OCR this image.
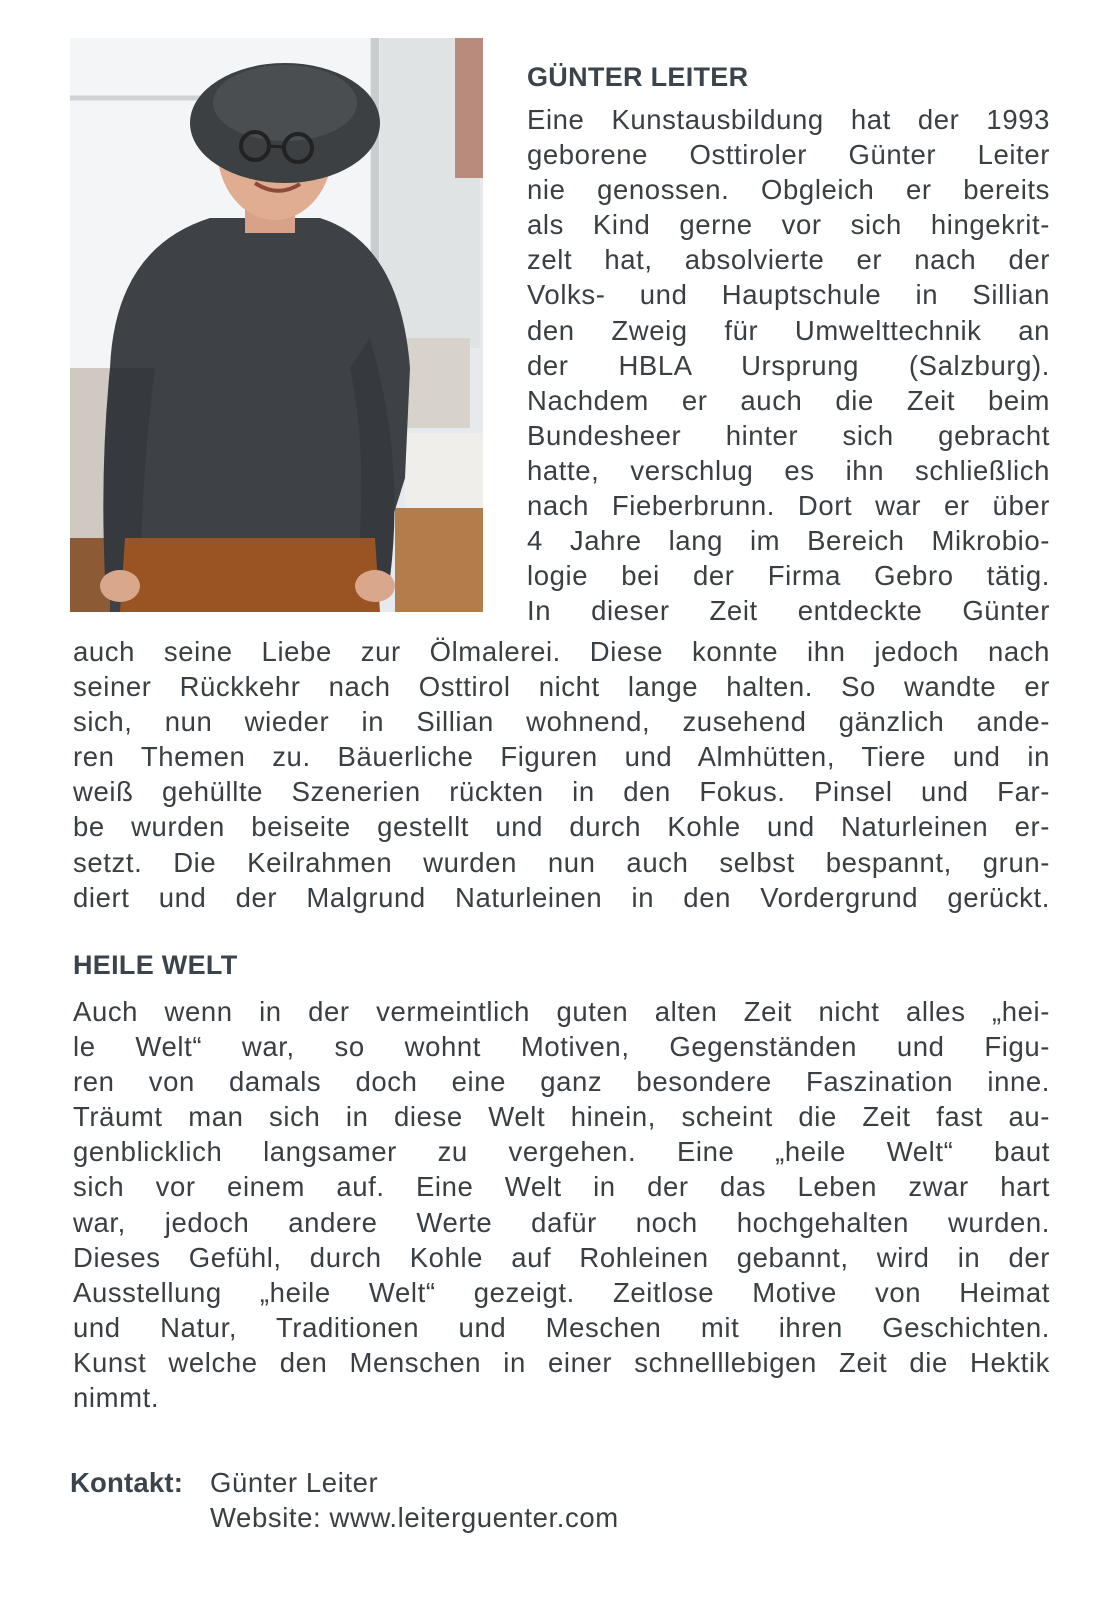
GÜNTER LEITER

Eine Kunstausbildung hat der 1993
geborene Osttiroler Günter Leiter
nie genossen. Obgleich er bereits
als Kind gerne vor sich hingekrit-
zelt hat, absolvierte er nach der
Volks- und Hauptschule in Sillian
den Zweig für Umwelttechnik an
der HBLA Ursprung (Salzburg).
Nachdem er auch die Zeit beim
Bundesheer hinter sich gebracht
hatte, verschlug es ihn schließlich
nach Fieberbrunn. Dort war er über
4 Jahre lang im Bereich Mikrobio-
logie bei der Firma Gebro tätig.
In dieser Zeit entdeckte Günter

auch seine Liebe zur Ölmalerei. Diese konnte ihn jedoch nach
seiner Rückkehr nach Osttirol nicht lange halten. So wandte er
sich, nun wieder in Sillian wohnend, zusehend gänzlich ande-
ren Themen zu. Bäuerliche Figuren und Almhütten, Tiere und in
weiß gehüllte Szenerien rückten in den Fokus. Pinsel und Far-
be wurden beiseite gestellt und durch Kohle und Naturleinen er-
setzt. Die Keilrahmen wurden nun auch selbst bespannt, grun-
diert und der Malgrund Naturleinen in den Vordergrund gerückt.

HEILE WELT

Auch wenn in der vermeintlich guten alten Zeit nicht alles „hei-
le Welt“ war, so wohnt Motiven, Gegenständen und Figu-
ren von damals doch eine ganz besondere Faszination inne.
Träumt man sich in diese Welt hinein, scheint die Zeit fast au-
genblicklich langsamer zu vergehen. Eine „heile Welt“ baut
sich vor einem auf. Eine Welt in der das Leben zwar hart
war, jedoch andere Werte dafür noch hochgehalten wurden.
Dieses Gefühl, durch Kohle auf Rohleinen gebannt, wird in der
Ausstellung „heile Welt“ gezeigt. Zeitlose Motive von Heimat
und Natur, Traditionen und Meschen mit ihren Geschichten.
Kunst welche den Menschen in einer schnelllebigen Zeit die Hektik
nimmt.

Kontakt: Günter Leiter
Website: www.leiterguenter.com
